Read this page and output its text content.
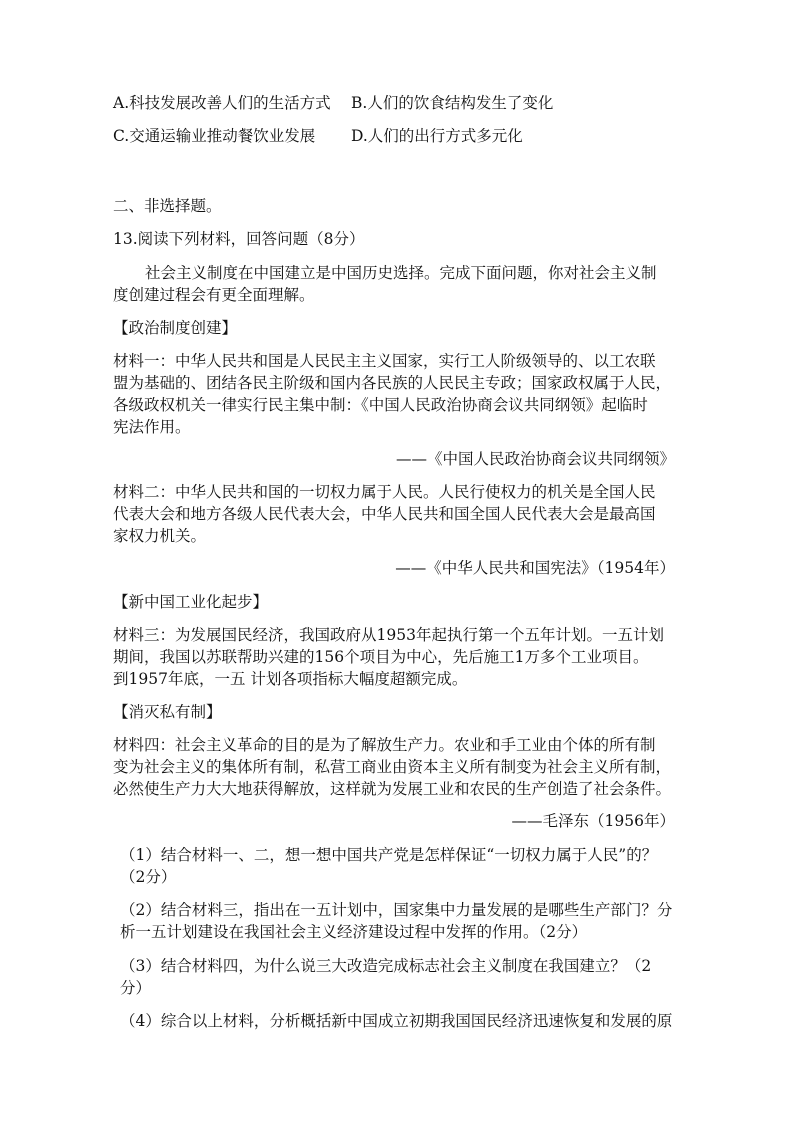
A.科技发展改善人们的生活方式 B.人们的饮食结构发生了变化
C.交通运输业推动餐饮业发展 D.人们的出行方式多元化
二、非选择题。
13.阅读下列材料，回答问题（8分）
社会主义制度在中国建立是中国历史选择。完成下面问题，你对社会主义制
度创建过程会有更全面理解。
【政治制度创建】
材料一：中华人民共和国是人民民主主义国家，实行工人阶级领导的、以工农联
盟为基础的、团结各民主阶级和国内各民族的人民民主专政；国家政权属于人民，
各级政权机关一律实行民主集中制：《中国人民政治协商会议共同纲领》起临时
宪法作用。
——《中国人民政治协商会议共同纲领》
材料二：中华人民共和国的一切权力属于人民。人民行使权力的机关是全国人民
代表大会和地方各级人民代表大会，中华人民共和国全国人民代表大会是最高国
家权力机关。
——《中华人民共和国宪法》（1954年）
【新中国工业化起步】
材料三：为发展国民经济，我国政府从1953年起执行第一个五年计划。一五计划
期间，我国以苏联帮助兴建的156个项目为中心，先后施工1万多个工业项目。
到1957年底，一五 计划各项指标大幅度超额完成。
【消灭私有制】
材料四：社会主义革命的目的是为了解放生产力。农业和手工业由个体的所有制
变为社会主义的集体所有制，私营工商业由资本主义所有制变为社会主义所有制，
必然使生产力大大地获得解放，这样就为发展工业和农民的生产创造了社会条件。
——毛泽东（1956年）
（1）结合材料一、二，想一想中国共产党是怎样保证“一切权力属于人民”的？
（2分）
（2）结合材料三，指出在一五计划中，国家集中力量发展的是哪些生产部门？分
析一五计划建设在我国社会主义经济建设过程中发挥的作用。（2分）
（3）结合材料四，为什么说三大改造完成标志社会主义制度在我国建立？（2
分）
（4）综合以上材料，分析概括新中国成立初期我国国民经济迅速恢复和发展的原
